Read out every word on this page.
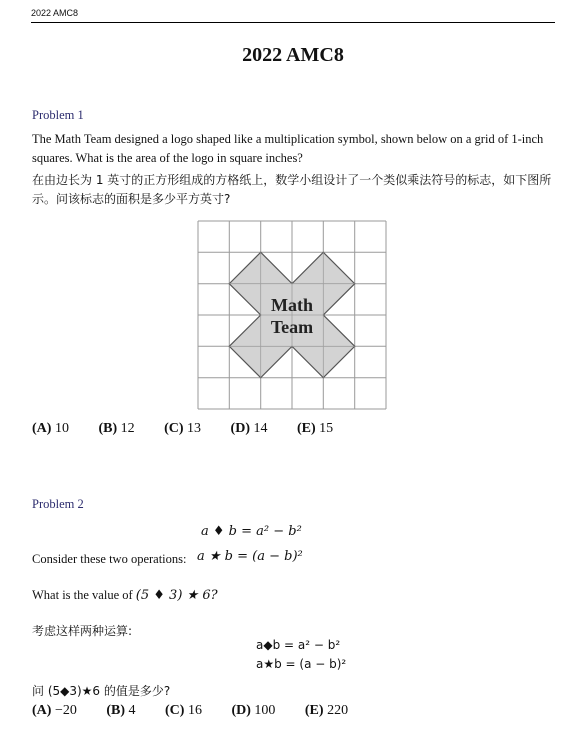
2022 AMC8
2022 AMC8
Problem 1
The Math Team designed a logo shaped like a multiplication symbol, shown below on a grid of 1-inch squares. What is the area of the logo in square inches?
在由边长为 1 英寸的正方形组成的方格纸上，数学小组设计了一个类似乘法符号的标志，如下图所示。问该标志的面积是多少平方英寸?
Math
Team
(A) 10 (B) 12 (C) 13 (D) 14 (E) 15
Problem 2
a ♦ b = a² − b²
Consider these two operations: a ★ b = (a − b)²
What is the value of (5 ♦ 3) ★ 6?
考虑这样两种运算:
a◆b = a² − b²
a★b = (a − b)²
问 (5◆3)★6 的值是多少?
(A) −20 (B) 4 (C) 16 (D) 100 (E) 220
